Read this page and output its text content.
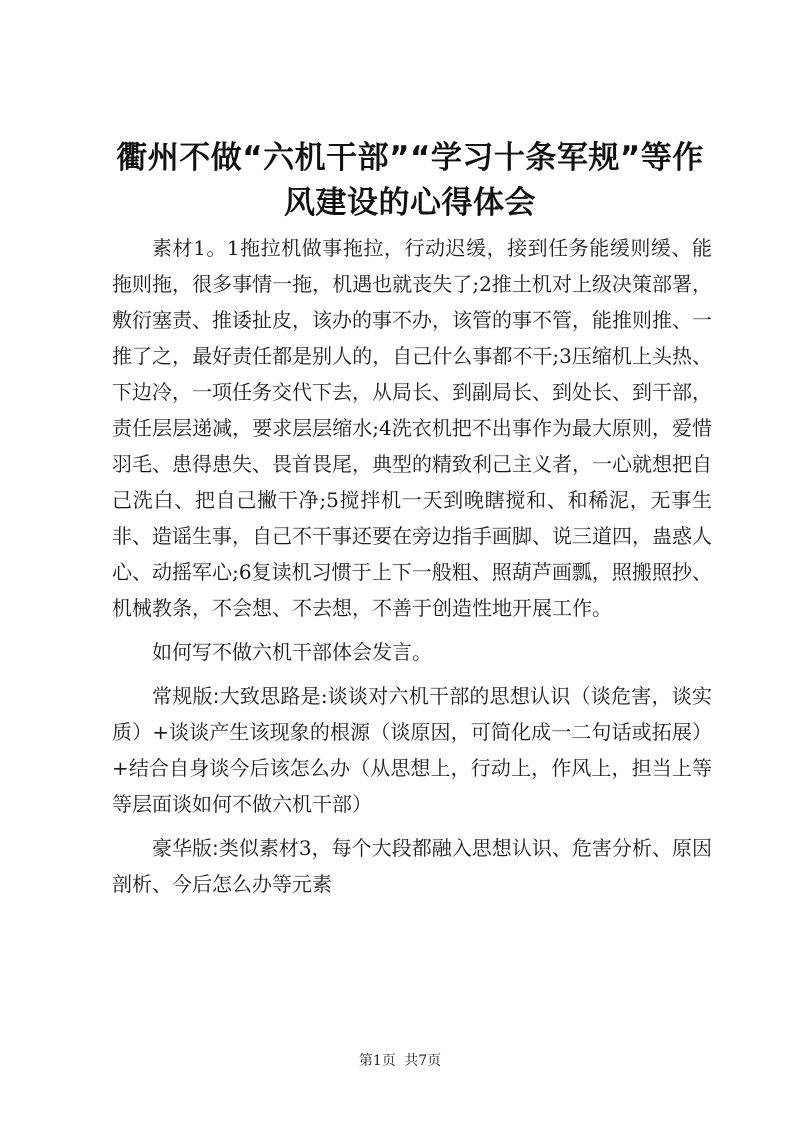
衢州不做“六机干部”“学习十条军规”等作
风建设的心得体会

素材1。1拖拉机做事拖拉，行动迟缓，接到任务能缓则缓、能拖则拖，很多事情一拖，机遇也就丧失了;2推土机对上级决策部署，敷衍塞责、推诿扯皮，该办的事不办，该管的事不管，能推则推、一推了之，最好责任都是别人的，自己什么事都不干;3压缩机上头热、下边冷，一项任务交代下去，从局长、到副局长、到处长、到干部，责任层层递减，要求层层缩水;4洗衣机把不出事作为最大原则，爱惜羽毛、患得患失、畏首畏尾，典型的精致利己主义者，一心就想把自己洗白、把自己撇干净;5搅拌机一天到晚瞎搅和、和稀泥，无事生非、造谣生事，自己不干事还要在旁边指手画脚、说三道四，蛊惑人心、动摇军心;6复读机习惯于上下一般粗、照葫芦画瓢，照搬照抄、机械教条，不会想、不去想，不善于创造性地开展工作。

如何写不做六机干部体会发言。

常规版:大致思路是:谈谈对六机干部的思想认识（谈危害，谈实质）+谈谈产生该现象的根源（谈原因，可简化成一二句话或拓展）+结合自身谈今后该怎么办（从思想上，行动上，作风上，担当上等等层面谈如何不做六机干部）

豪华版:类似素材3，每个大段都融入思想认识、危害分析、原因剖析、今后怎么办等元素

第1页 共7页
